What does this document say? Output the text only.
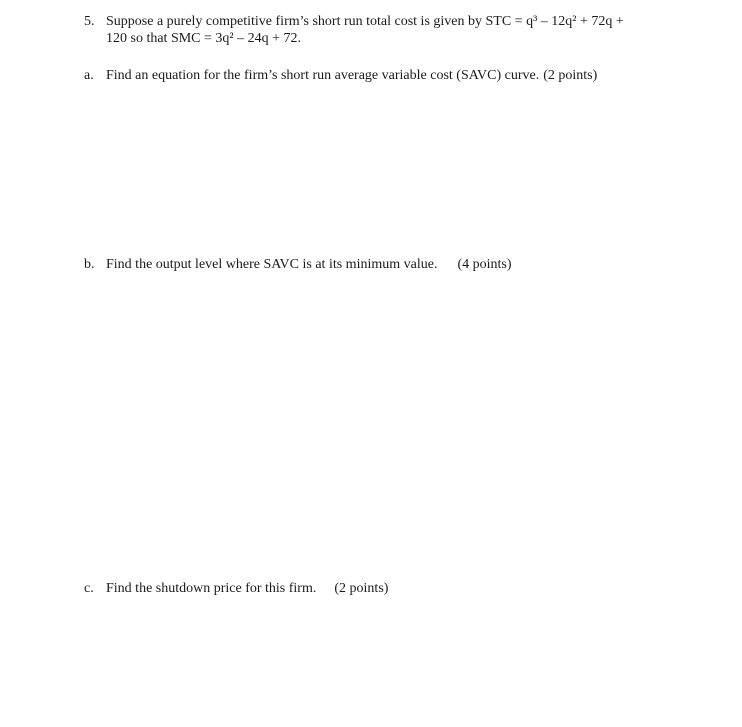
5. Suppose a purely competitive firm’s short run total cost is given by STC = q³ – 12q² + 72q +
120 so that SMC = 3q² – 24q + 72.
a. Find an equation for the firm’s short run average variable cost (SAVC) curve. (2 points)
b. Find the output level where SAVC is at its minimum value. (4 points)
c. Find the shutdown price for this firm. (2 points)
